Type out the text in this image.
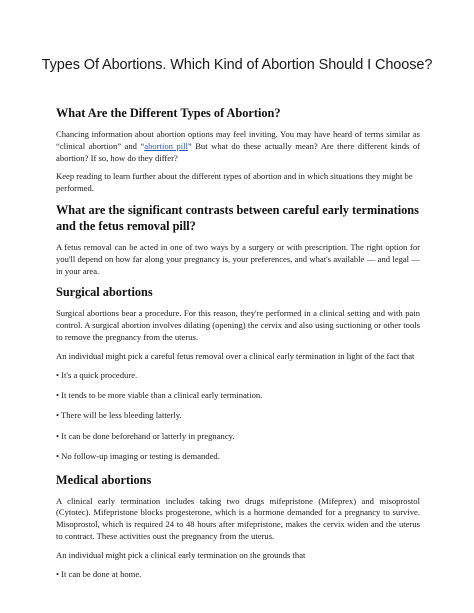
Types Of Abortions. Which Kind of Abortion Should I Choose?
What Are the Different Types of Abortion?

Chancing information about abortion options may feel inviting. You may have heard of terms similar as “clinical abortion” and “abortion pill” But what do these actually mean? Are there different kinds of abortion? If so, how do they differ?

Keep reading to learn further about the different types of abortion and in which situations they might be performed.

What are the significant contrasts between careful early terminations and the fetus removal pill?

A fetus removal can be acted in one of two ways by a surgery or with prescription. The right option for you'll depend on how far along your pregnancy is, your preferences, and what's available — and legal — in your area.

Surgical abortions

Surgical abortions bear a procedure. For this reason, they're performed in a clinical setting and with pain control. A surgical abortion involves dilating (opening) the cervix and also using suctioning or other tools to remove the pregnancy from the uterus.

An individual might pick a careful fetus removal over a clinical early termination in light of the fact that

• It's a quick procedure.

• It tends to be more viable than a clinical early termination.

• There will be less bleeding latterly.

• It can be done beforehand or latterly in pregnancy.

• No follow-up imaging or testing is demanded.

Medical abortions

A clinical early termination includes taking two drugs mifepristone (Mifeprex) and misoprostol (Cytotec). Mifepristone blocks progesterone, which is a hormone demanded for a pregnancy to survive. Misoprostol, which is required 24 to 48 hours after mifepristone, makes the cervix widen and the uterus to contract. These activities oust the pregnancy from the uterus.

An individual might pick a clinical early termination on the grounds that

• It can be done at home.
